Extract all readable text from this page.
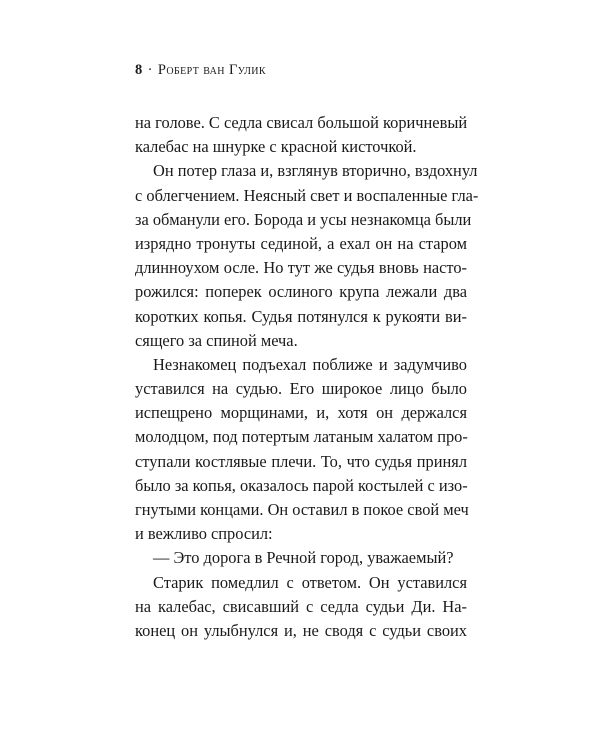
8 · Роберт ван Гулик
на голове. С седла свисал большой коричневый
калебас на шнурке с красной кисточкой.
Он потер глаза и, взглянув вторично, вздохнул
с облегчением. Неясный свет и воспаленные гла-
за обманули его. Борода и усы незнакомца были
изрядно тронуты сединой, а ехал он на старом
длинноухом осле. Но тут же судья вновь насто-
рожился: поперек ослиного крупа лежали два
коротких копья. Судья потянулся к рукояти ви-
сящего за спиной меча.
Незнакомец подъехал поближе и задумчиво
уставился на судью. Его широкое лицо было
испещрено морщинами, и, хотя он держался
молодцом, под потертым латаным халатом про-
ступали костлявые плечи. То, что судья принял
было за копья, оказалось парой костылей с изо-
гнутыми концами. Он оставил в покое свой меч
и вежливо спросил:
— Это дорога в Речной город, уважаемый?
Старик помедлил с ответом. Он уставился
на калебас, свисавший с седла судьи Ди. На-
конец он улыбнулся и, не сводя с судьи своих
